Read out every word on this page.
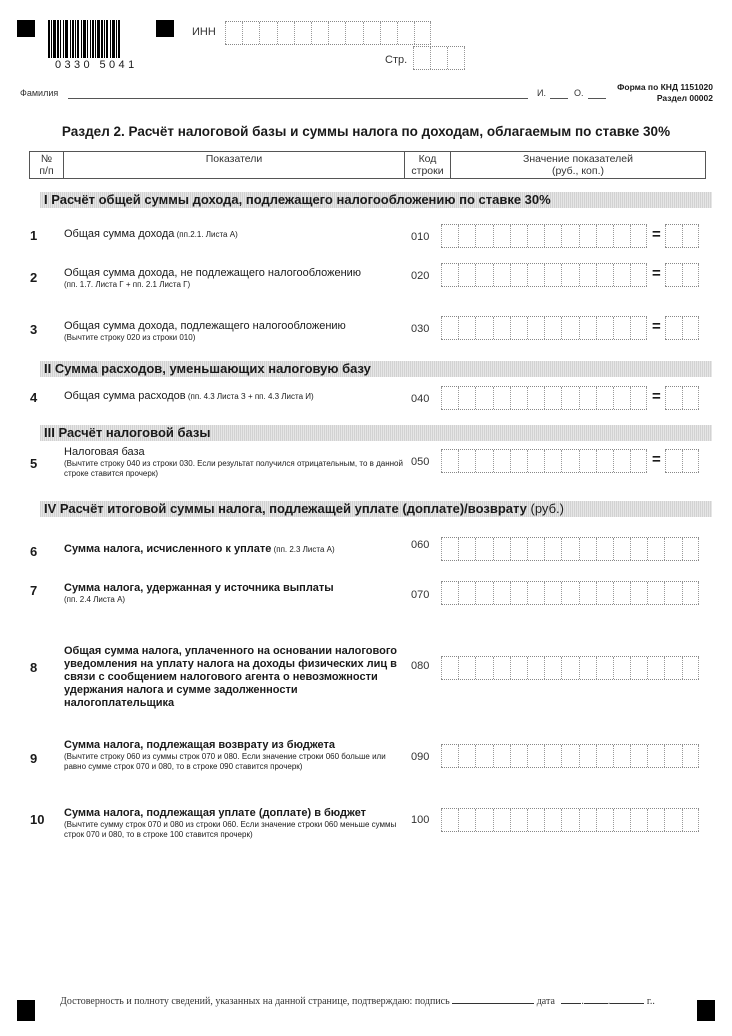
0330 5041
ИНН
Стр.
Фамилия	И.	О.
Форма по КНД 1151020
Раздел 00002
Раздел 2. Расчёт налоговой базы и суммы налога по доходам, облагаемым по ставке 30%
№
п/п
Показатели	Код
строки
Значение показателей
(руб., коп.)
I Расчёт общей суммы дохода, подлежащего налогообложению по ставке 30%
II Сумма расходов, уменьшающих налоговую базу
III Расчёт налоговой базы
IV Расчёт итоговой суммы налога, подлежащей уплате (доплате)/возврату (руб.)
1	Общая сумма дохода (пп.2.1. Листа А)	010	=
2	Общая сумма дохода, не подлежащего налогообложению
(пп. 1.7. Листа Г + пп. 2.1 Листа Г)
020	=
3	Общая сумма дохода, подлежащего налогообложению
(Вычтите строку 020 из строки 010)
030	=
4	Общая сумма расходов (пп. 4.3 Листа З + пп. 4.3 Листа И)	040	=
5
Налоговая база
(Вычтите строку 040 из строки 030. Если результат получился отрицательным, то в данной строке ставится прочерк)
050	=
6	Сумма налога, исчисленного к уплате (пп. 2.3 Листа А)	060
7	Сумма налога, удержанная у источника выплаты
(пп. 2.4 Листа А)	070
8
Общая сумма налога, уплаченного на основании налогового уведомления на уплату налога на доходы физических лиц в связи с сообщением налогового агента о невозможности удержания налога и сумме задолженности налогоплательщика
080
9
Сумма налога, подлежащая возврату из бюджета
(Вычтите строку 060 из суммы строк 070 и 080. Если значение строки 060 больше или равно сумме строк 070 и 080, то в строке 090 ставится прочерк)
090
10	Сумма налога, подлежащая уплате (доплате) в бюджет
(Вычтите сумму строк 070 и 080 из строки 060. Если значение строки 060 меньше суммы строк 070 и 080, то в строке 100 ставится прочерк)
100
Достоверность и полноту сведений, указанных на данной странице, подтверждаю: подпись	дата	. .	г..
